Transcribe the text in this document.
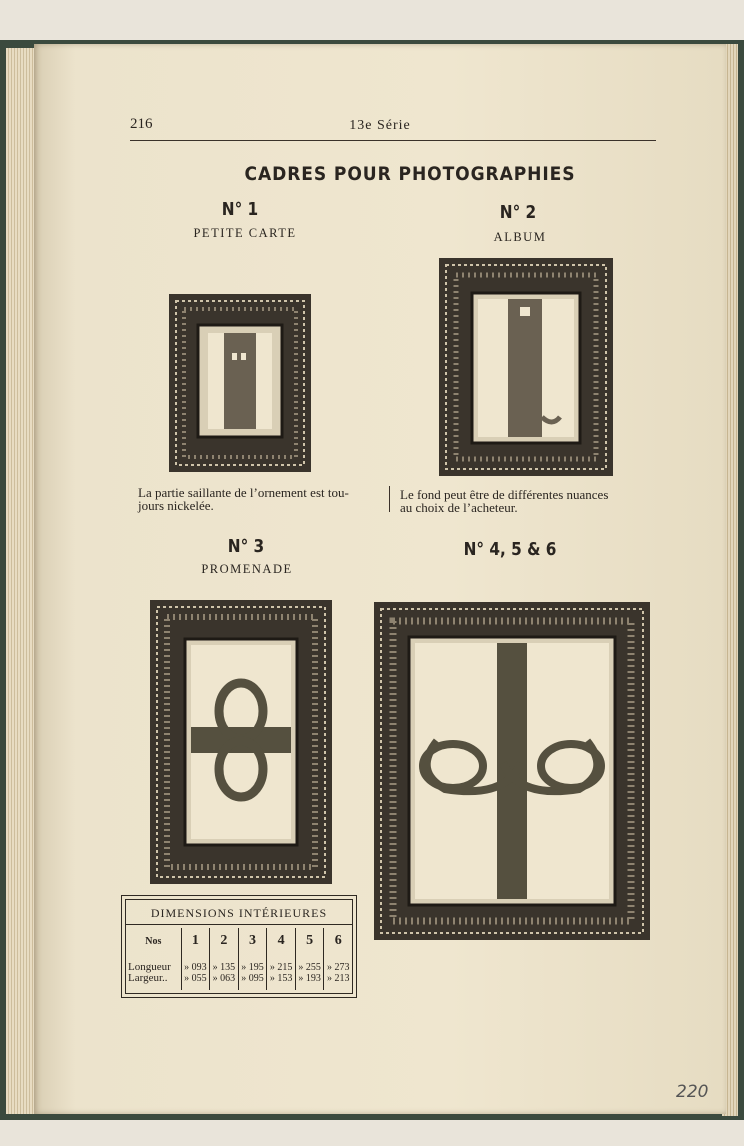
216	13e Série
CADRES POUR PHOTOGRAPHIES
N° 1
PETITE CARTE
N° 2
ALBUM
La partie saillante de l’ornement est tou-
jours nickelée.
Le fond peut être de différentes nuances
au choix de l’acheteur.
N° 3
PROMENADE
N° 4, 5 & 6
DIMENSIONS INTÉRIEURES
Nos	1	2	3	4	5	6
Longueur	» 093	» 135	» 195	» 215	» 255	» 273
Largeur..	» 055	» 063	» 095	» 153	» 193	» 213
220
